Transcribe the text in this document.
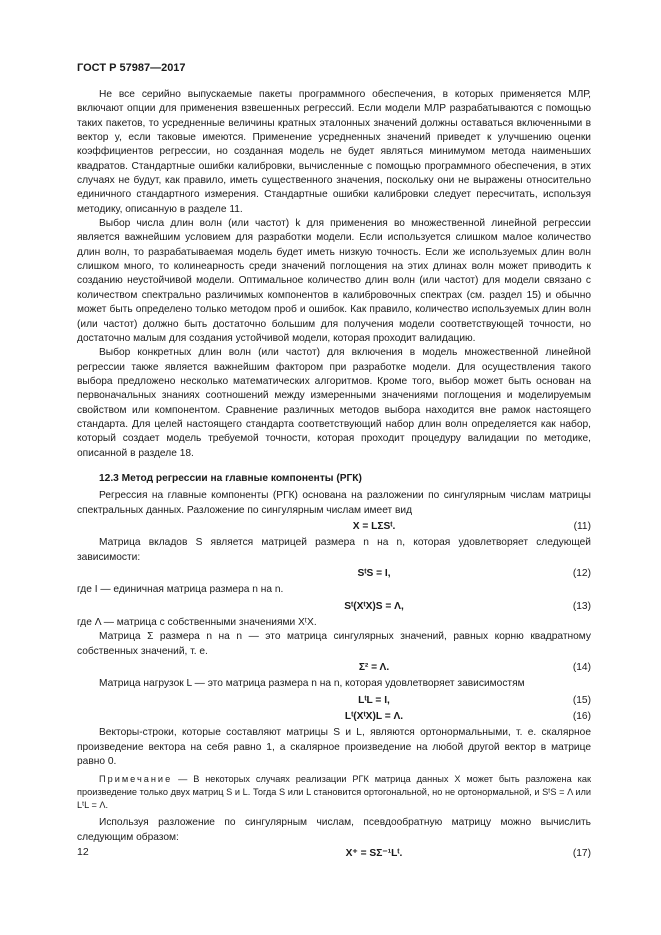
ГОСТ Р 57987—2017

Не все серийно выпускаемые пакеты программного обеспечения, в которых применяется МЛР, включают опции для применения взвешенных регрессий. Если модели МЛР разрабатываются с помощью таких пакетов, то усредненные величины кратных эталонных значений должны оставаться включенными в вектор y, если таковые имеются. Применение усредненных значений приведет к улучшению оценки коэффициентов регрессии, но созданная модель не будет являться минимумом метода наименьших квадратов. Стандартные ошибки калибровки, вычисленные с помощью программного обеспечения, в этих случаях не будут, как правило, иметь существенного значения, поскольку они не выражены относительно единичного стандартного измерения. Стандартные ошибки калибровки следует пересчитать, используя методику, описанную в разделе 11.

Выбор числа длин волн (или частот) k для применения во множественной линейной регрессии является важнейшим условием для разработки модели. Если используется слишком малое количество длин волн, то разрабатываемая модель будет иметь низкую точность. Если же используемых длин волн слишком много, то колинеарность среди значений поглощения на этих длинах волн может приводить к созданию неустойчивой модели. Оптимальное количество длин волн (или частот) для модели связано с количеством спектрально различимых компонентов в калибровочных спектрах (см. раздел 15) и обычно может быть определено только методом проб и ошибок. Как правило, количество используемых длин волн (или частот) должно быть достаточно большим для получения модели соответствующей точности, но достаточно малым для создания устойчивой модели, которая проходит валидацию.

Выбор конкретных длин волн (или частот) для включения в модель множественной линейной регрессии также является важнейшим фактором при разработке модели. Для осуществления такого выбора предложено несколько математических алгоритмов. Кроме того, выбор может быть основан на первоначальных знаниях соотношений между измеренными значениями поглощения и моделируемым свойством или компонентом. Сравнение различных методов выбора находится вне рамок настоящего стандарта. Для целей настоящего стандарта соответствующий набор длин волн определяется как набор, который создает модель требуемой точности, которая проходит процедуру валидации по методике, описанной в разделе 18.

12.3 Метод регрессии на главные компоненты (РГК)

Регрессия на главные компоненты (РГК) основана на разложении по сингулярным числам матрицы спектральных данных. Разложение по сингулярным числам имеет вид

X = LΣSᵗ.	(11)

Матрица вкладов S является матрицей размера n на n, которая удовлетворяет следующей зависимости:

SᵗS = I,	(12)

где I — единичная матрица размера n на n.

Sᵗ(XᵗX)S = Λ,	(13)

где Λ — матрица с собственными значениями XᵗX.

Матрица Σ размера n на n — это матрица сингулярных значений, равных корню квадратному собственных значений, т. е.

Σ² = Λ.	(14)

Матрица нагрузок L — это матрица размера n на n, которая удовлетворяет зависимостям

LᵗL = I,	(15)
Lᵗ(XᵗX)L = Λ.	(16)

Векторы-строки, которые составляют матрицы S и L, являются ортонормальными, т. е. скалярное произведение вектора на себя равно 1, а скалярное произведение на любой другой вектор в матрице равно 0.

Примечание — В некоторых случаях реализации РГК матрица данных X может быть разложена как произведение только двух матриц S и L. Тогда S или L становится ортогональной, но не ортонормальной, и SᵗS = Λ или LᵗL = Λ.

Используя разложение по сингулярным числам, псевдообратную матрицу можно вычислить следующим образом:

X⁺ = SΣ⁻¹Lᵗ.	(17)
12
